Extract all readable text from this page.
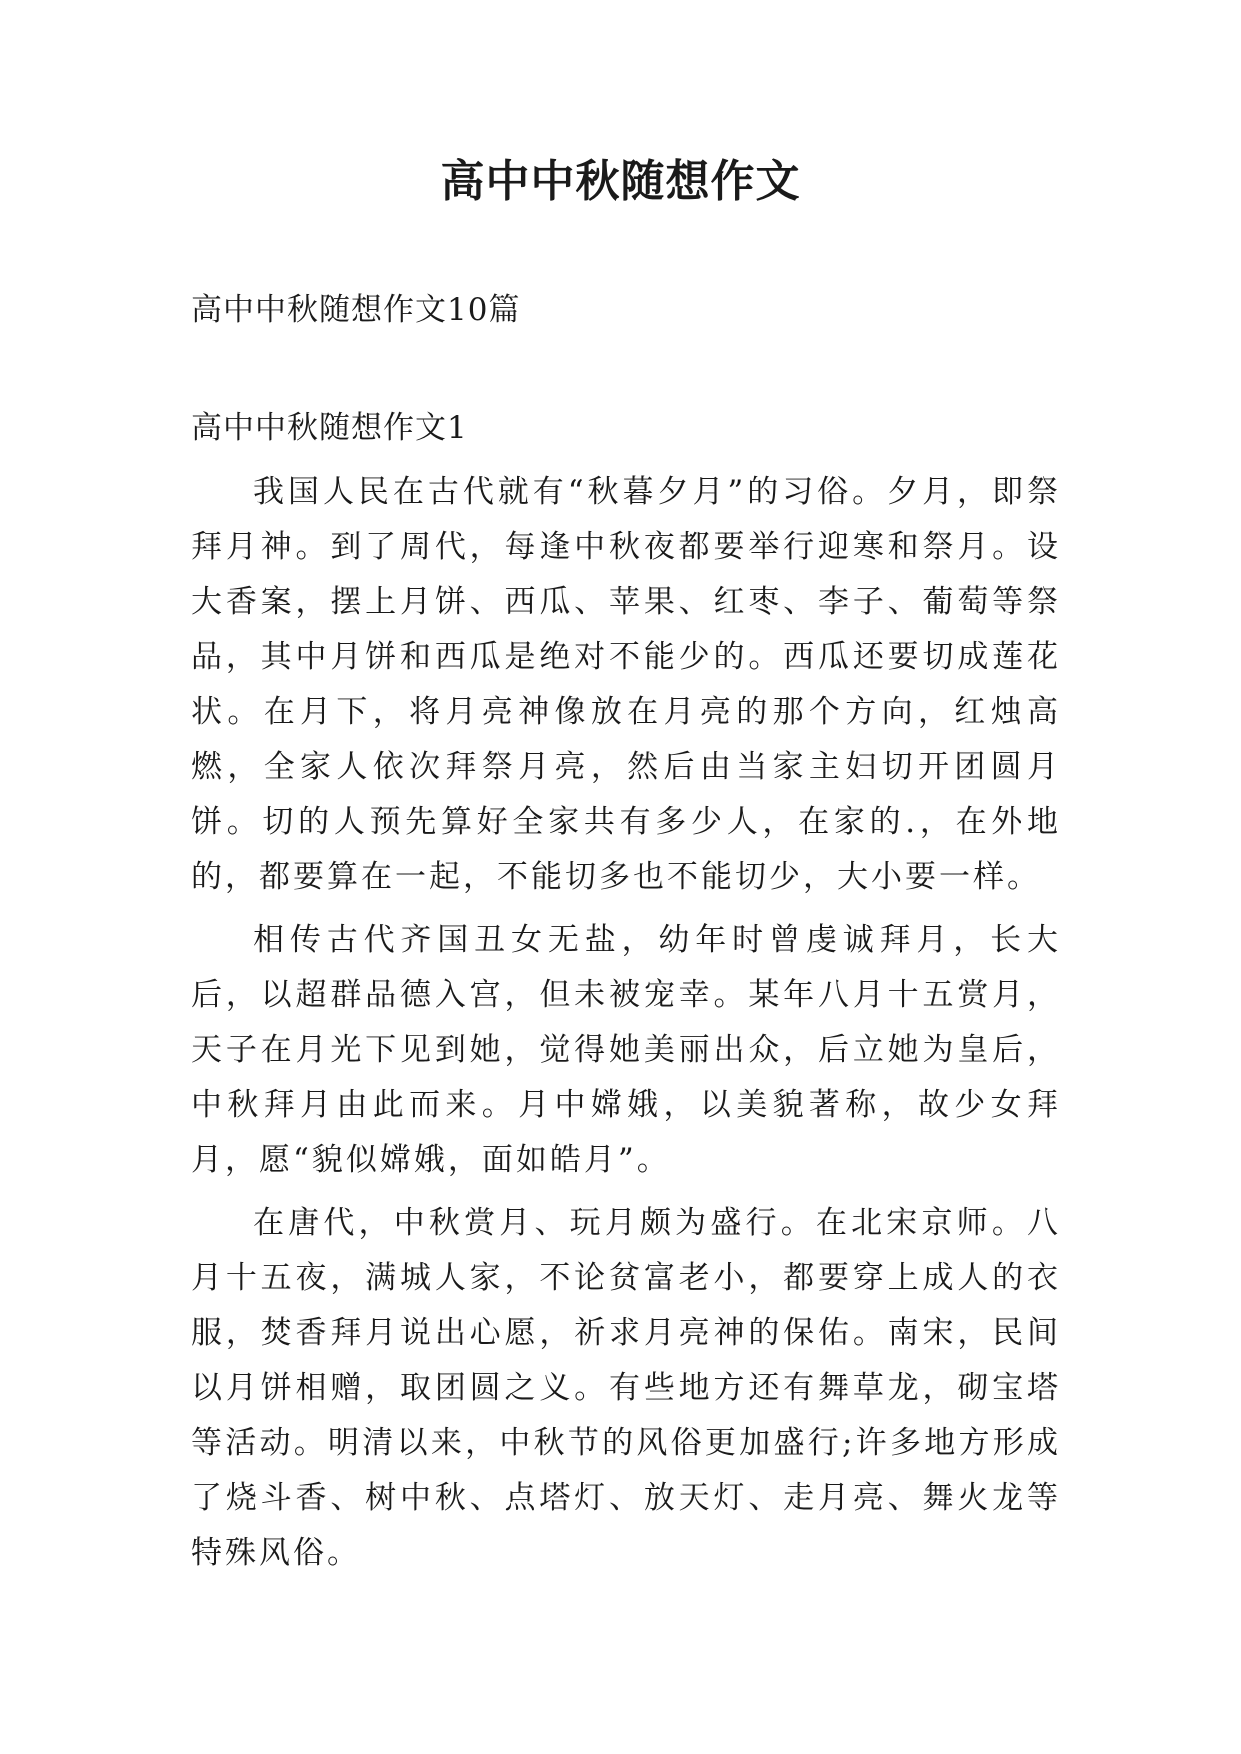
高中中秋随想作文

高中中秋随想作文10篇

高中中秋随想作文1

我国人民在古代就有“秋暮夕月”的习俗。夕月，即祭拜月神。到了周代，每逢中秋夜都要举行迎寒和祭月。设大香案，摆上月饼、西瓜、苹果、红枣、李子、葡萄等祭品，其中月饼和西瓜是绝对不能少的。西瓜还要切成莲花状。在月下，将月亮神像放在月亮的那个方向，红烛高燃，全家人依次拜祭月亮，然后由当家主妇切开团圆月饼。切的人预先算好全家共有多少人，在家的.，在外地的，都要算在一起，不能切多也不能切少，大小要一样。

相传古代齐国丑女无盐，幼年时曾虔诚拜月，长大后，以超群品德入宫，但未被宠幸。某年八月十五赏月，天子在月光下见到她，觉得她美丽出众，后立她为皇后，中秋拜月由此而来。月中嫦娥，以美貌著称，故少女拜月，愿“貌似嫦娥，面如皓月”。

在唐代，中秋赏月、玩月颇为盛行。在北宋京师。八月十五夜，满城人家，不论贫富老小，都要穿上成人的衣服，焚香拜月说出心愿，祈求月亮神的保佑。南宋，民间以月饼相赠，取团圆之义。有些地方还有舞草龙，砌宝塔等活动。明清以来，中秋节的风俗更加盛行;许多地方形成了烧斗香、树中秋、点塔灯、放天灯、走月亮、舞火龙等特殊风俗。
